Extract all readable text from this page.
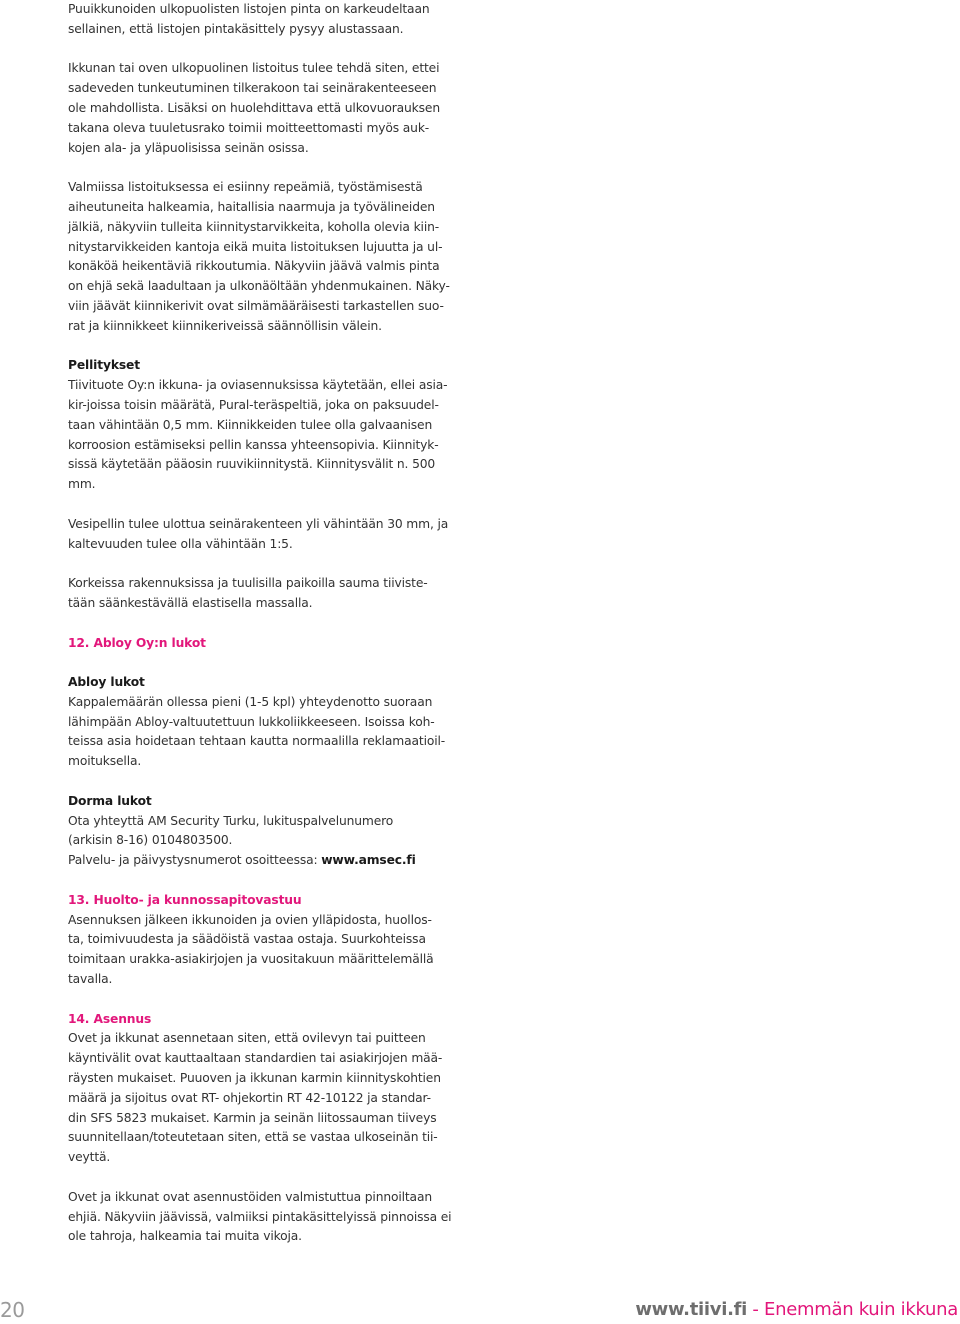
Puuikkunoiden ulkopuolisten listojen pinta on karkeudeltaan
sellainen, että listojen pintakäsittely pysyy alustassaan.
Ikkunan tai oven ulkopuolinen listoitus tulee tehdä siten, ettei
sadeveden tunkeutuminen tilkerakoon tai seinärakenteeseen
ole mahdollista. Lisäksi on huolehdittava että ulkovuorauksen
takana oleva tuuletusrako toimii moitteettomasti myös auk-
kojen ala- ja yläpuolisissa seinän osissa.
Valmiissa listoituksessa ei esiinny repeämiä, työstämisestä
aiheutuneita halkeamia, haitallisia naarmuja ja työvälineiden
jälkiä, näkyviin tulleita kiinnitystarvikkeita, koholla olevia kiin-
nitystarvikkeiden kantoja eikä muita listoituksen lujuutta ja ul-
konäköä heikentäviä rikkoutumia. Näkyviin jäävä valmis pinta
on ehjä sekä laadultaan ja ulkonäöltään yhdenmukainen. Näky-
viin jäävät kiinnikerivit ovat silmämääräisesti tarkastellen suo-
rat ja kiinnikkeet kiinnikeriveissä säännöllisin välein.
Pellitykset
Tiivituote Oy:n ikkuna- ja oviasennuksissa käytetään, ellei asia-
kir-joissa toisin määrätä, Pural-teräspeltiä, joka on paksuudel-
taan vähintään 0,5 mm. Kiinnikkeiden tulee olla galvaanisen
korroosion estämiseksi pellin kanssa yhteensopivia. Kiinnityk-
sissä käytetään pääosin ruuvikiinnitystä. Kiinnitysvälit n. 500
mm.
Vesipellin tulee ulottua seinärakenteen yli vähintään 30 mm, ja
kaltevuuden tulee olla vähintään 1:5.
Korkeissa rakennuksissa ja tuulisilla paikoilla sauma tiiviste-
tään säänkestävällä elastisella massalla.
12. Abloy Oy:n lukot
Abloy lukot
Kappalemäärän ollessa pieni (1-5 kpl) yhteydenotto suoraan
lähimpään Abloy-valtuutettuun lukkoliikkeeseen. Isoissa koh-
teissa asia hoidetaan tehtaan kautta normaalilla reklamaatioil-
moituksella.
Dorma lukot
Ota yhteyttä AM Security Turku, lukituspalvelunumero
(arkisin 8-16) 0104803500.
Palvelu- ja päivystysnumerot osoitteessa: www.amsec.fi
13. Huolto- ja kunnossapitovastuu
Asennuksen jälkeen ikkunoiden ja ovien ylläpidosta, huollos-
ta, toimivuudesta ja säädöistä vastaa ostaja. Suurkohteissa
toimitaan urakka-asiakirjojen ja vuositakuun määrittelemällä
tavalla.
14. Asennus
Ovet ja ikkunat asennetaan siten, että ovilevyn tai puitteen
käyntivälit ovat kauttaaltaan standardien tai asiakirjojen mää-
räysten mukaiset. Puuoven ja ikkunan karmin kiinnityskohtien
määrä ja sijoitus ovat RT- ohjekortin RT 42-10122 ja standar-
din SFS 5823 mukaiset. Karmin ja seinän liitossauman tiiveys
suunnitellaan/toteutetaan siten, että se vastaa ulkoseinän tii-
veyttä.
Ovet ja ikkunat ovat asennustöiden valmistuttua pinnoiltaan
ehjiä. Näkyviin jäävissä, valmiiksi pintakäsittelyissä pinnoissa ei
ole tahroja, halkeamia tai muita vikoja.
20	www.tiivi.fi - Enemmän kuin ikkuna
